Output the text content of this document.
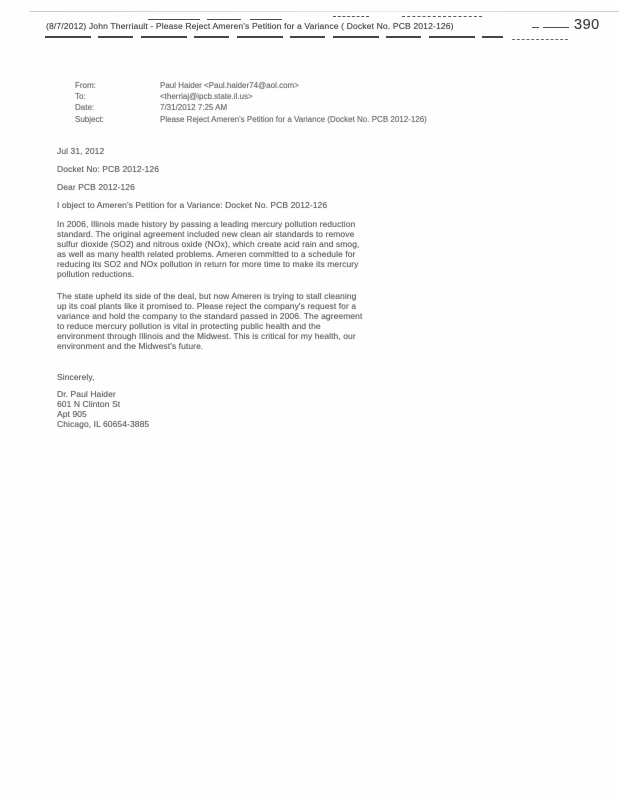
(8/7/2012) John Therriault - Please Reject Ameren's Petition for a Variance ( Docket No. PCB 2012-126)	390
From:	Paul Haider <Paul.haider74@aol.com>
To:	<therriaj@ipcb.state.il.us>
Date:	7/31/2012 7:25 AM
Subject:	Please Reject Ameren's Petition for a Variance (Docket No. PCB 2012-126)
Jul 31, 2012
Docket No: PCB 2012-126
Dear PCB 2012-126
I object to Ameren's Petition for a Variance: Docket No. PCB 2012-126
In 2006, Illinois made history by passing a leading mercury pollution reduction standard. The original agreement included new clean air standards to remove sulfur dioxide (SO2) and nitrous oxide (NOx), which create acid rain and smog, as well as many health related problems. Ameren committed to a schedule for reducing its SO2 and NOx pollution in return for more time to make its mercury pollution reductions.
The state upheld its side of the deal, but now Ameren is trying to stall cleaning up its coal plants like it promised to. Please reject the company's request for a variance and hold the company to the standard passed in 2006. The agreement to reduce mercury pollution is vital in protecting public health and the environment through Illinois and the Midwest. This is critical for my health, our environment and the Midwest's future.
Sincerely,
Dr. Paul Haider
601 N Clinton St
Apt 905
Chicago, IL 60654-3885
